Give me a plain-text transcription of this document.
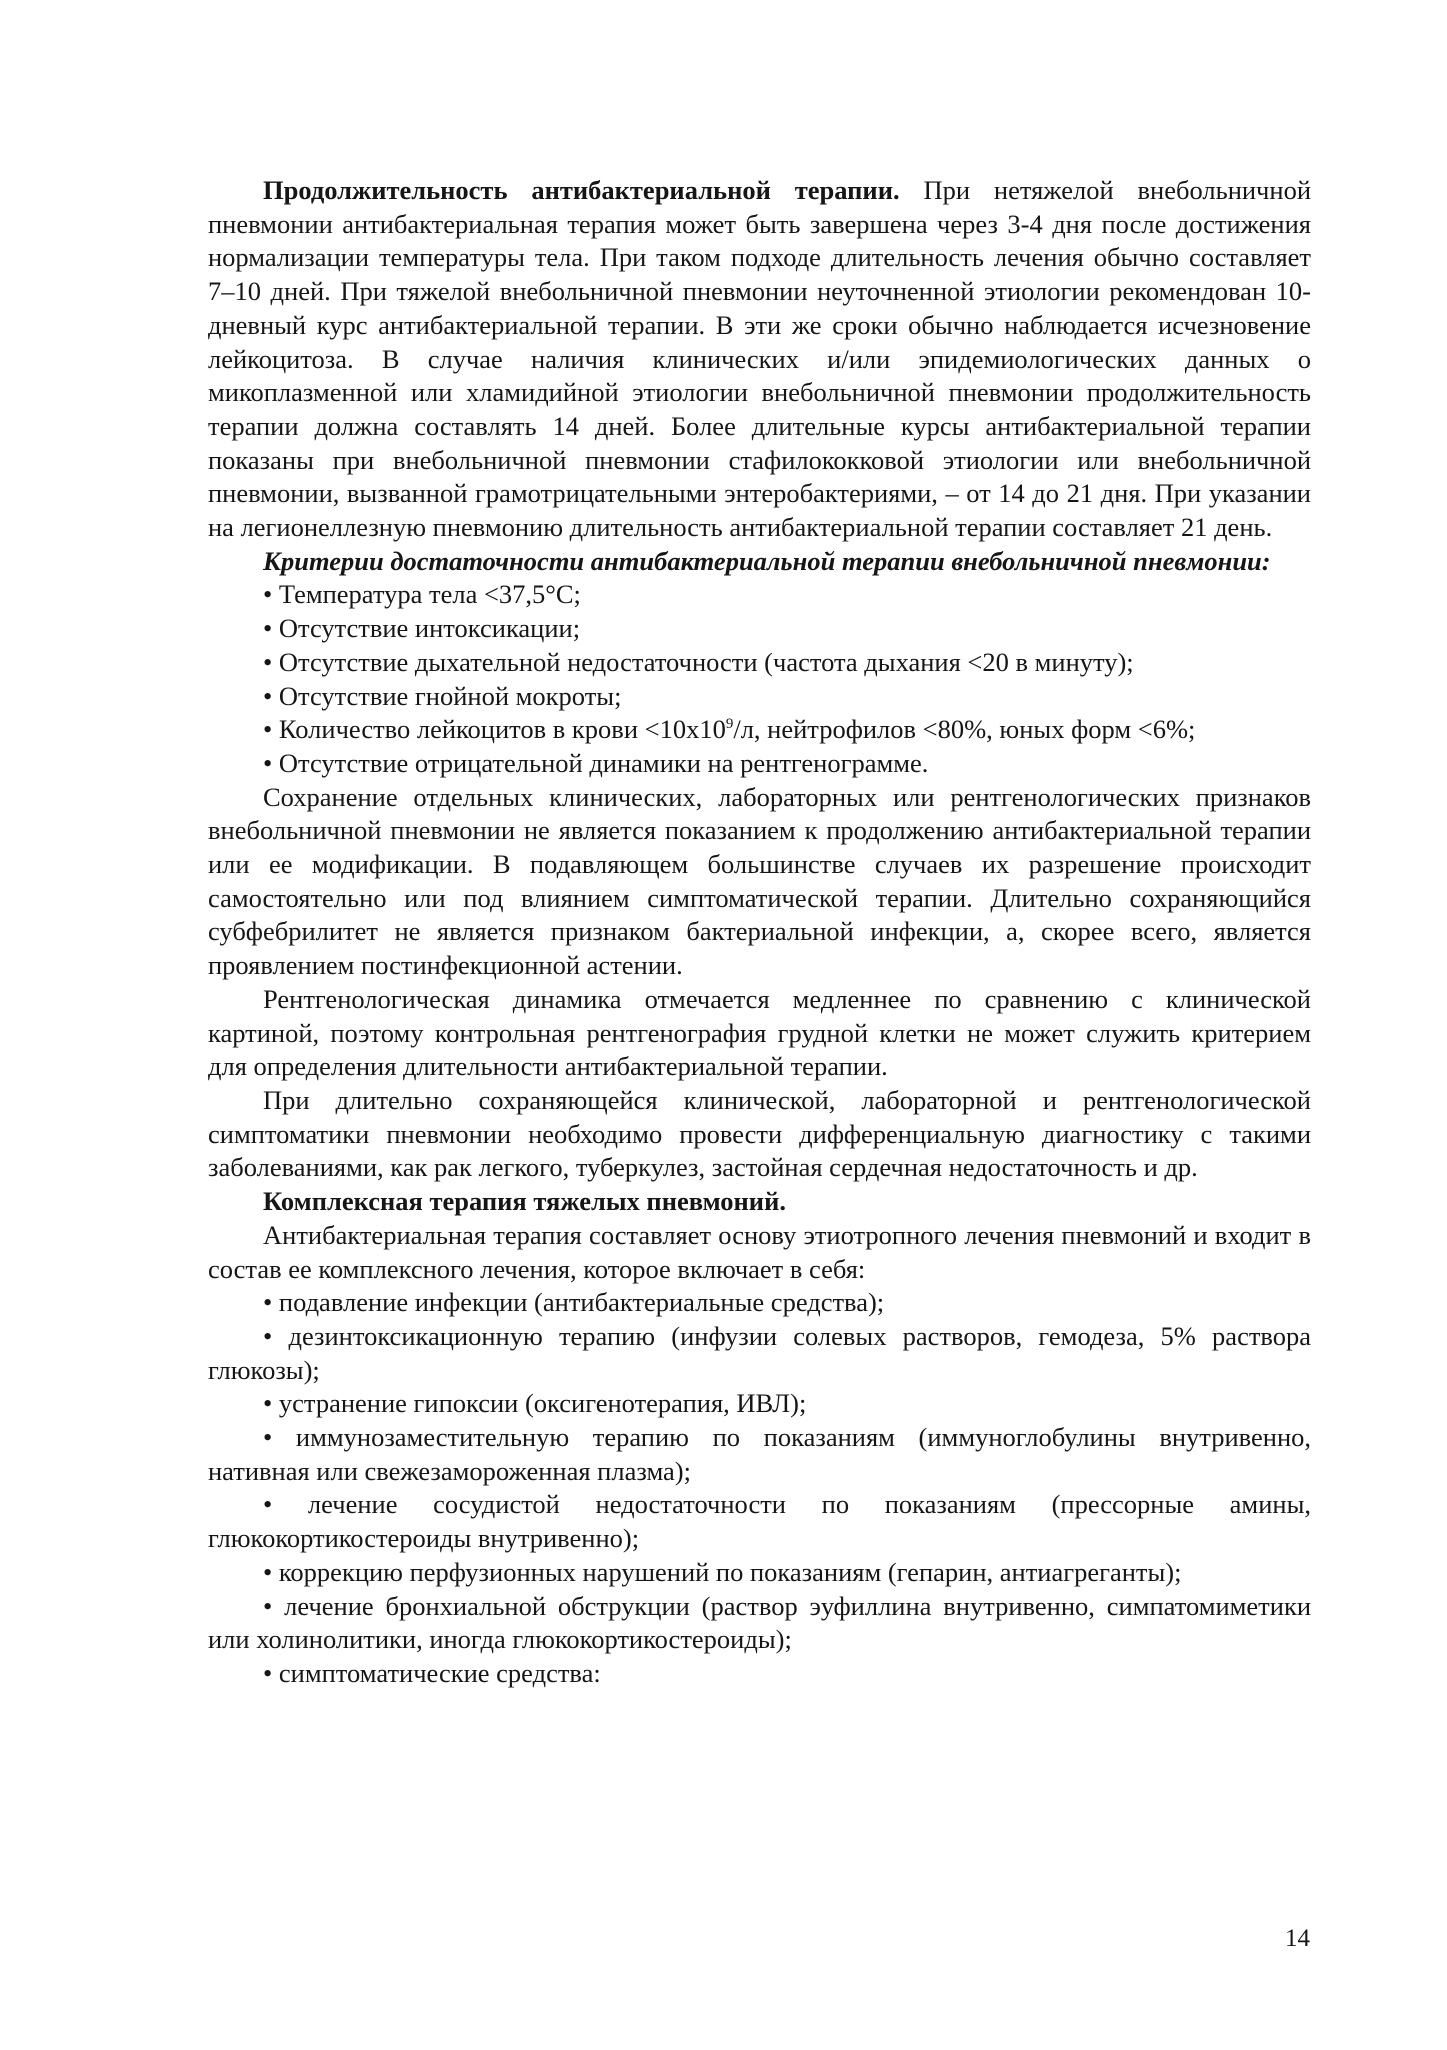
Продолжительность антибактериальной терапии. При нетяжелой внебольничной пневмонии антибактериальная терапия может быть завершена через 3-4 дня после достижения нормализации температуры тела. При таком подходе длительность лечения обычно составляет 7–10 дней. При тяжелой внебольничной пневмонии неуточненной этиологии рекомендован 10-дневный курс антибактериальной терапии. В эти же сроки обычно наблюдается исчезновение лейкоцитоза. В случае наличия клинических и/или эпидемиологических данных о микоплазменной или хламидийной этиологии внебольничной пневмонии продолжительность терапии должна составлять 14 дней. Более длительные курсы антибактериальной терапии показаны при внебольничной пневмонии стафилококковой этиологии или внебольничной пневмонии, вызванной грамотрицательными энтеробактериями, – от 14 до 21 дня. При указании на легионеллезную пневмонию длительность антибактериальной терапии составляет 21 день.

Критерии достаточности антибактериальной терапии внебольничной пневмонии:

• Температура тела <37,5°С;

• Отсутствие интоксикации;

• Отсутствие дыхательной недостаточности (частота дыхания <20 в минуту);

• Отсутствие гнойной мокроты;

• Количество лейкоцитов в крови $<10х10^9/л$, нейтрофилов <80%, юных форм <6%;

• Отсутствие отрицательной динамики на рентгенограмме.

Сохранение отдельных клинических, лабораторных или рентгенологических признаков внебольничной пневмонии не является показанием к продолжению антибактериальной терапии или ее модификации. В подавляющем большинстве случаев их разрешение происходит самостоятельно или под влиянием симптоматической терапии. Длительно сохраняющийся субфебрилитет не является признаком бактериальной инфекции, а, скорее всего, является проявлением постинфекционной астении.

Рентгенологическая динамика отмечается медленнее по сравнению с клинической картиной, поэтому контрольная рентгенография грудной клетки не может служить критерием для определения длительности антибактериальной терапии.

При длительно сохраняющейся клинической, лабораторной и рентгенологической симптоматики пневмонии необходимо провести дифференциальную диагностику с такими заболеваниями, как рак легкого, туберкулез, застойная сердечная недостаточность и др.

Комплексная терапия тяжелых пневмоний.

Антибактериальная терапия составляет основу этиотропного лечения пневмоний и входит в состав ее комплексного лечения, которое включает в себя:

• подавление инфекции (антибактериальные средства);

• дезинтоксикационную терапию (инфузии солевых растворов, гемодеза, 5% раствора глюкозы);

• устранение гипоксии (оксигенотерапия, ИВЛ);

• иммунозаместительную терапию по показаниям (иммуноглобулины внутривенно, нативная или свежезамороженная плазма);

• лечение сосудистой недостаточности по показаниям (прессорные амины, глюкокортикостероиды внутривенно);

• коррекцию перфузионных нарушений по показаниям (гепарин, антиагреганты);

• лечение бронхиальной обструкции (раствор эуфиллина внутривенно, симпатомиметики или холинолитики, иногда глюкокортикостероиды);

• симптоматические средства:

14
